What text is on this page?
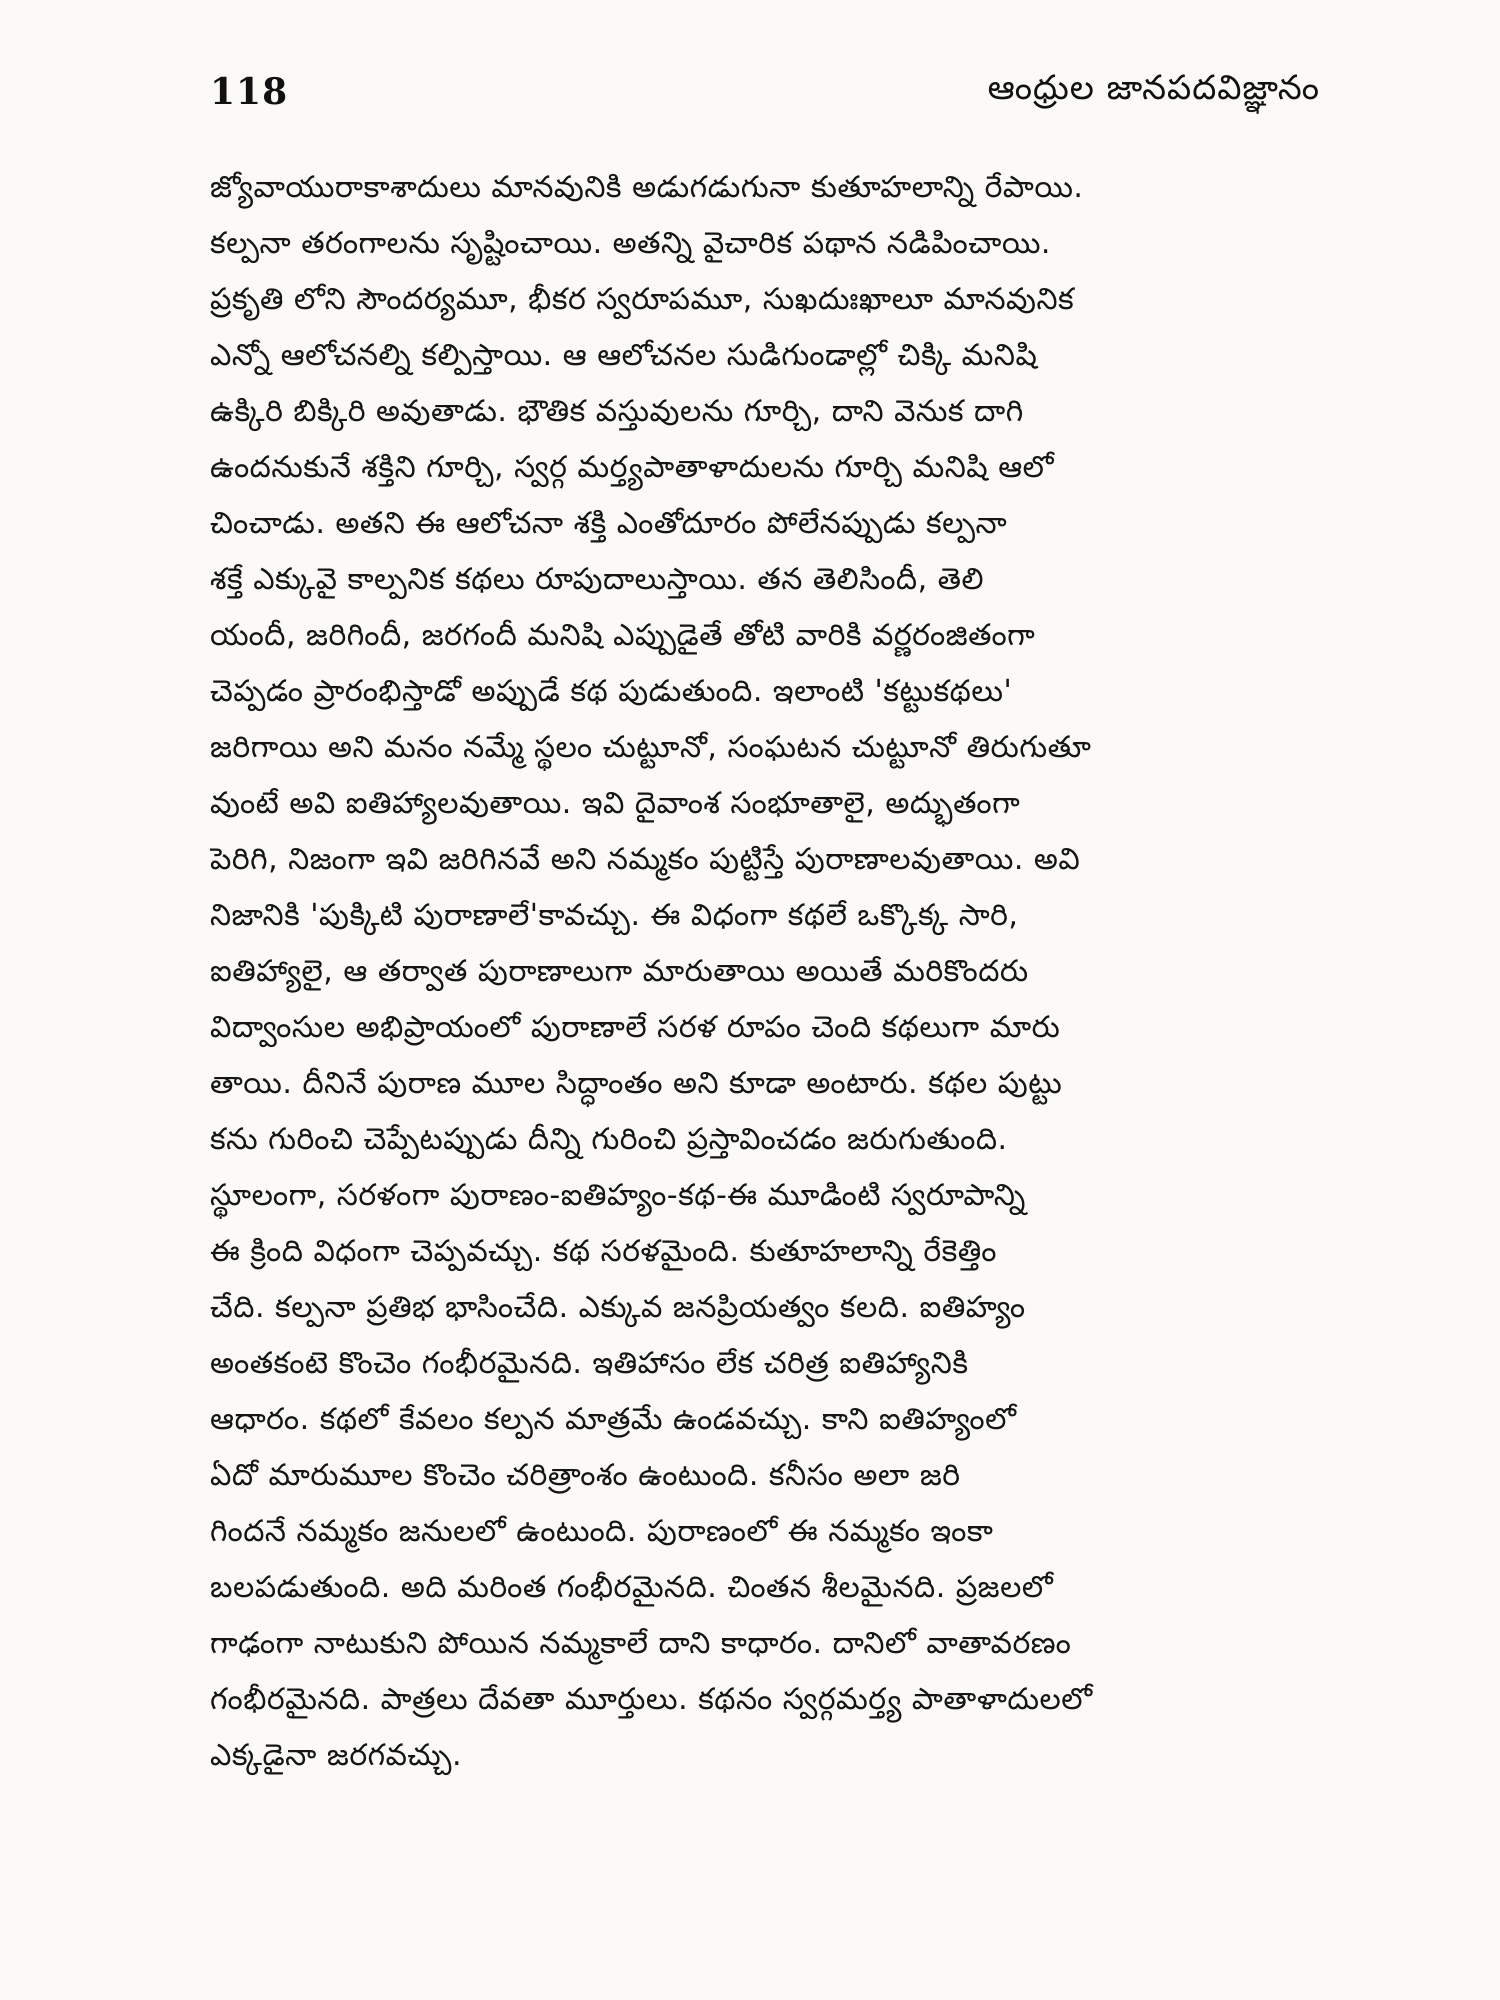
118	ఆంధ్రుల జానపదవిజ్ఞానం
జ్యోవాయురాకాశాదులు మానవునికి అడుగడుగునా కుతూహలాన్ని రేపాయి.
కల్పనా తరంగాలను సృష్టించాయి. అతన్ని వైచారిక పథాన నడిపించాయి.
ప్రకృతి లోని సౌందర్యమూ, భీకర స్వరూపమూ, సుఖదుఃఖాలూ మానవునిక
ఎన్నో ఆలోచనల్ని కల్పిస్తాయి. ఆ ఆలోచనల సుడిగుండాల్లో చిక్కి మనిషి
ఉక్కిరి బిక్కిరి అవుతాడు. భౌతిక వస్తువులను గూర్చి, దాని వెనుక దాగి
ఉందనుకునే శక్తిని గూర్చి, స్వర్గ మర్త్యపాతాళాదులను గూర్చి మనిషి ఆలో
చించాడు. అతని ఈ ఆలోచనా శక్తి ఎంతోదూరం పోలేనప్పుడు కల్పనా
శక్తే ఎక్కువై కాల్పనిక కథలు రూపుదాలుస్తాయి. తన తెలిసిందీ, తెలి
యందీ, జరిగిందీ, జరగందీ మనిషి ఎప్పుడైతే తోటి వారికి వర్ణరంజితంగా
చెప్పడం ప్రారంభిస్తాడో అప్పుడే కథ పుడుతుంది. ఇలాంటి 'కట్టుకథలు'
జరిగాయి అని మనం నమ్మే స్థలం చుట్టూనో, సంఘటన చుట్టూనో తిరుగుతూ
వుంటే అవి ఐతిహ్యాలవుతాయి. ఇవి దైవాంశ సంభూతాలై, అద్భుతంగా
పెరిగి, నిజంగా ఇవి జరిగినవే అని నమ్మకం పుట్టిస్తే పురాణాలవుతాయి. అవి
నిజానికి 'పుక్కిటి పురాణాలే'కావచ్చు. ఈ విధంగా కథలే ఒక్కొక్క సారి,
ఐతిహ్యాలై, ఆ తర్వాత పురాణాలుగా మారుతాయి అయితే మరికొందరు
విద్వాంసుల అభిప్రాయంలో పురాణాలే సరళ రూపం చెంది కథలుగా మారు
తాయి. దీనినే పురాణ మూల సిద్ధాంతం అని కూడా అంటారు. కథల పుట్టు
కను గురించి చెప్పేటప్పుడు దీన్ని గురించి ప్రస్తావించడం జరుగుతుంది.
స్థూలంగా, సరళంగా పురాణం-ఐతిహ్యం-కథ-ఈ మూడింటి స్వరూపాన్ని
ఈ క్రింది విధంగా చెప్పవచ్చు. కథ సరళమైంది. కుతూహలాన్ని రేకెత్తిం
చేది. కల్పనా ప్రతిభ భాసించేది. ఎక్కువ జనప్రియత్వం కలది. ఐతిహ్యం
అంతకంటె కొంచెం గంభీరమైనది. ఇతిహాసం లేక చరిత్ర ఐతిహ్యానికి
ఆధారం. కథలో కేవలం కల్పన మాత్రమే ఉండవచ్చు. కాని ఐతిహ్యంలో
ఏదో మారుమూల కొంచెం చరిత్రాంశం ఉంటుంది. కనీసం అలా జరి
గిందనే నమ్మకం జనులలో ఉంటుంది. పురాణంలో ఈ నమ్మకం ఇంకా
బలపడుతుంది. అది మరింత గంభీరమైనది. చింతన శీలమైనది. ప్రజలలో
గాఢంగా నాటుకుని పోయిన నమ్మకాలే దాని కాధారం. దానిలో వాతావరణం
గంభీరమైనది. పాత్రలు దేవతా మూర్తులు. కథనం స్వర్గమర్త్య పాతాళాదులలో
ఎక్కడైనా జరగవచ్చు.
